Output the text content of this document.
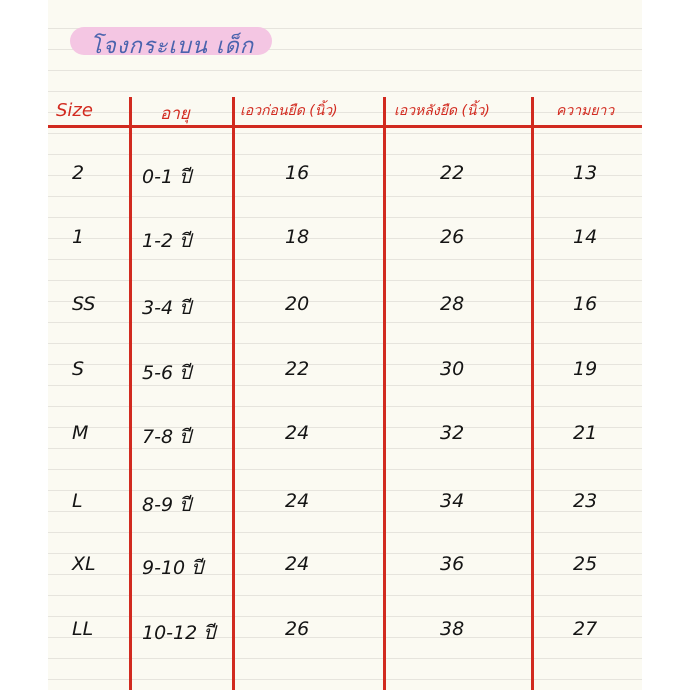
โจงกระเบน เด็ก
Size	อายุ	เอวก่อนยืด (นิ้ว)	เอวหลังยืด (นิ้ว)	ความยาว
2	0-1 ปี	16	22	13
1	1-2 ปี	18	26	14
SS 3-4 ปี	20	28	16
S	5-6 ปี	22	30	19
M	7-8 ปี	24	32	21
L	8-9 ปี	24	34	23
XL 9-10 ปี	24	36	25
LL	10-12 ปี	26	38	27
